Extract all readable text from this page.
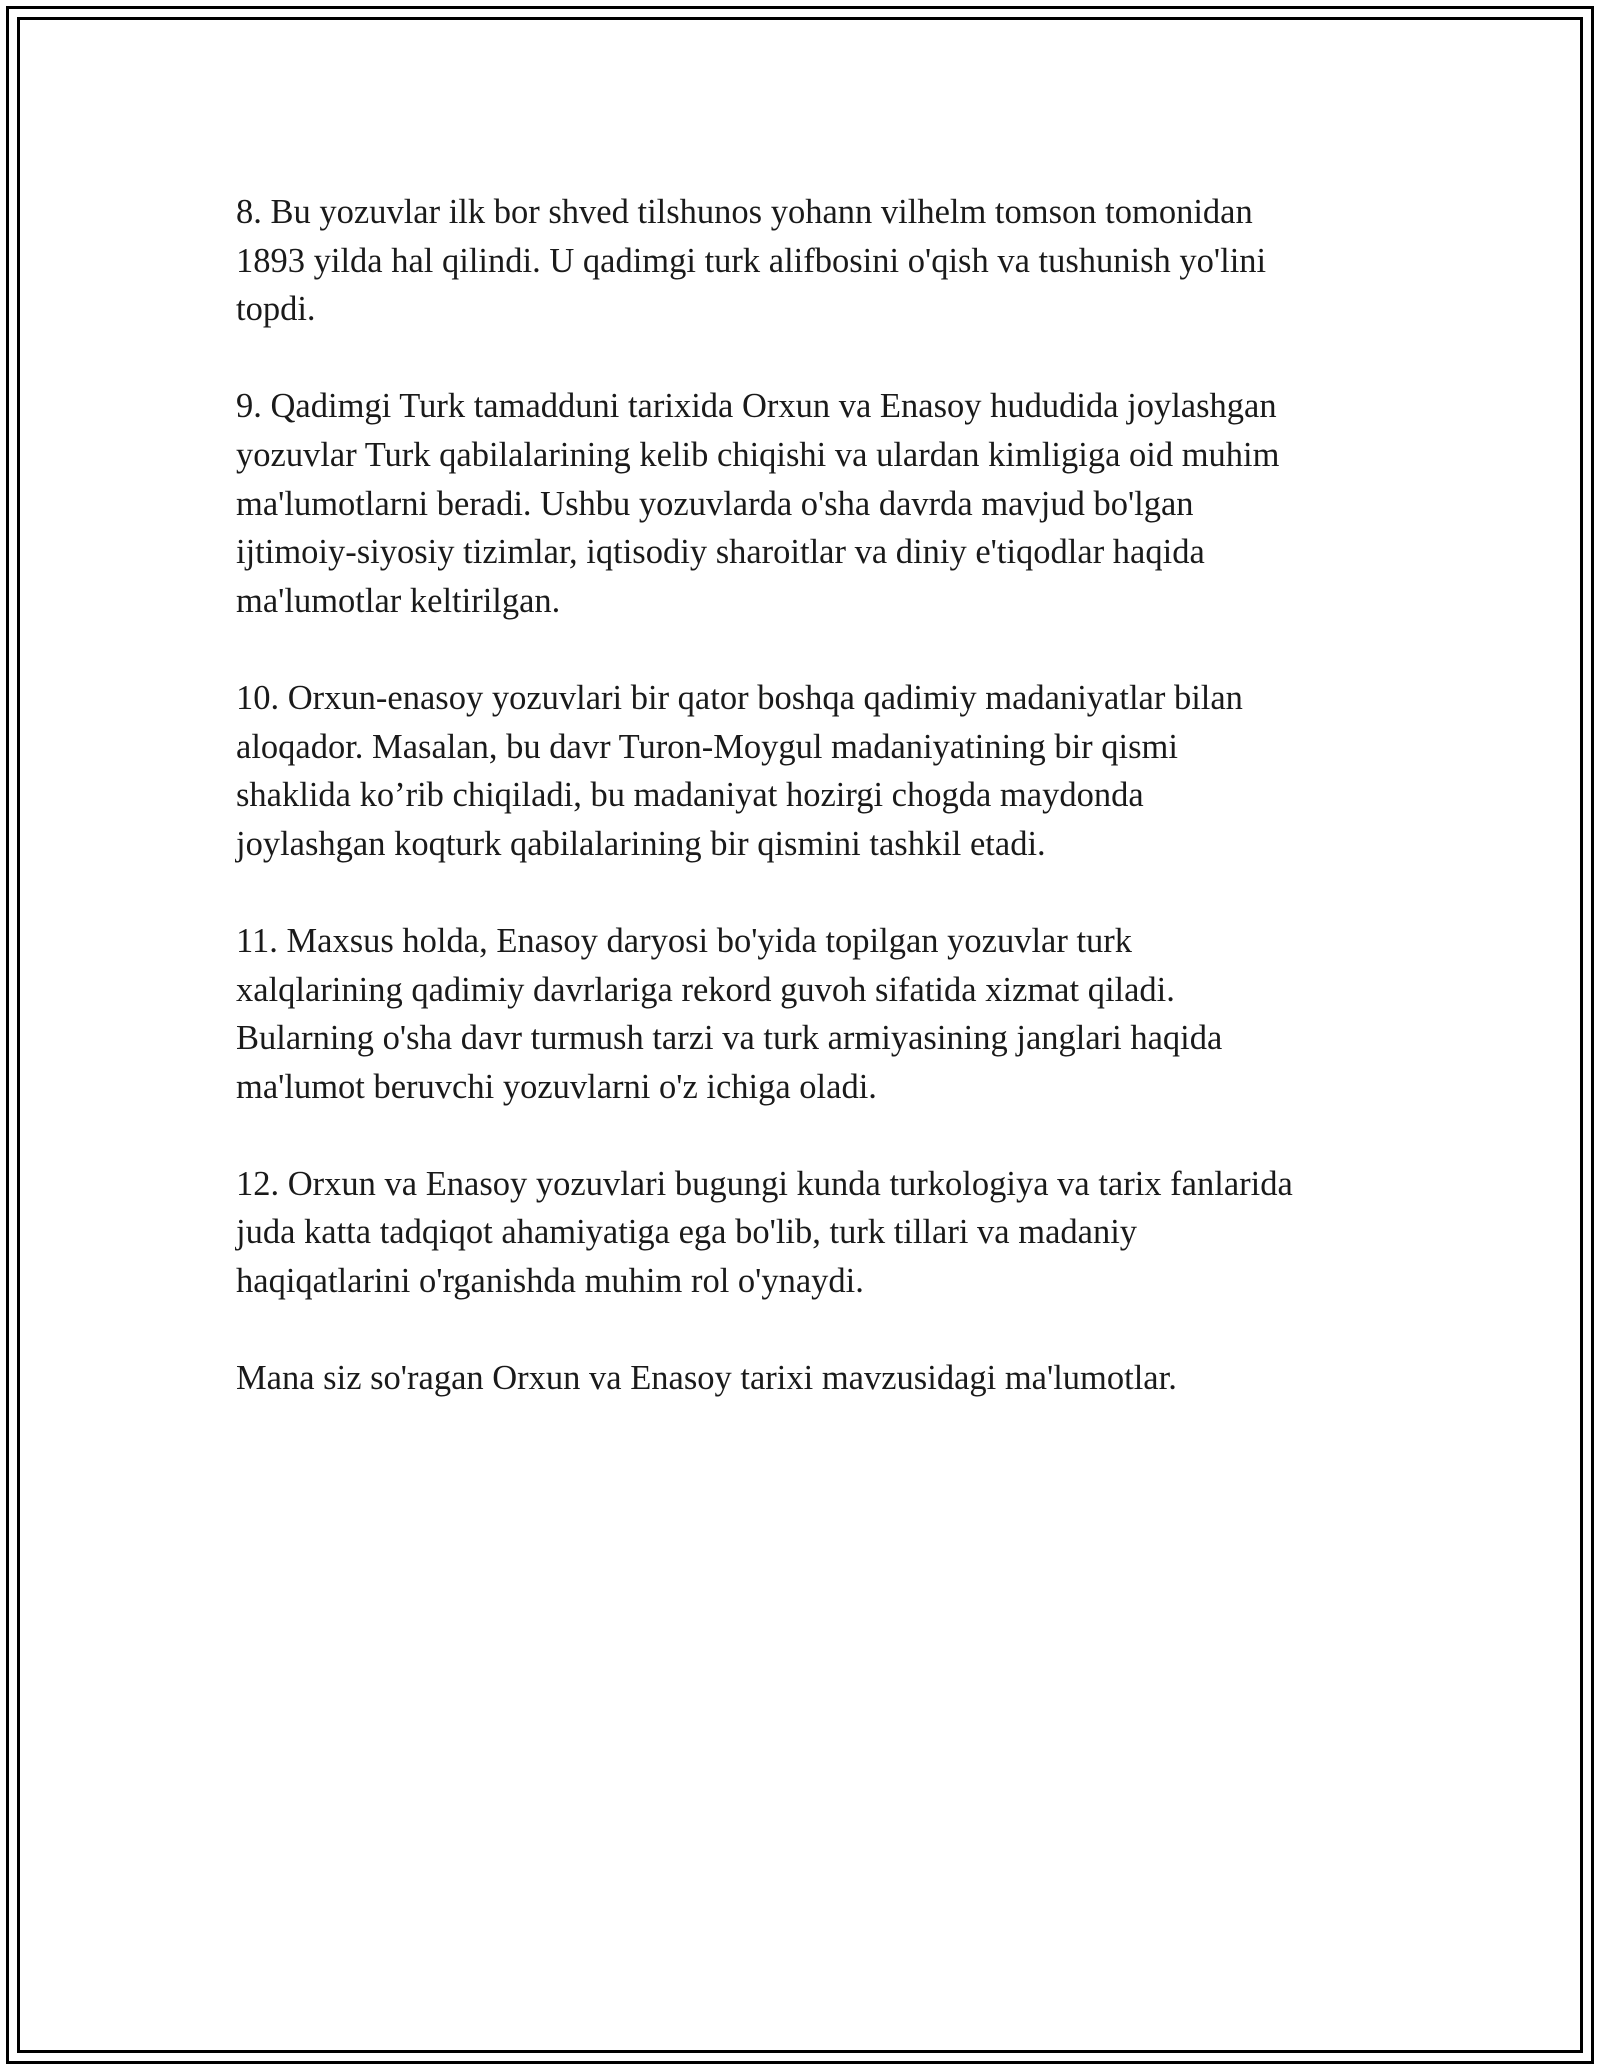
8. Bu yozuvlar ilk bor shved tilshunos yohann vilhelm tomson tomonidan
1893 yilda hal qilindi. U qadimgi turk alifbosini o'qish va tushunish yo'lini
topdi.

9. Qadimgi Turk tamadduni tarixida Orxun va Enasoy hududida joylashgan
yozuvlar Turk qabilalarining kelib chiqishi va ulardan kimligiga oid muhim
ma'lumotlarni beradi. Ushbu yozuvlarda o'sha davrda mavjud bo'lgan
ijtimoiy-siyosiy tizimlar, iqtisodiy sharoitlar va diniy e'tiqodlar haqida
ma'lumotlar keltirilgan.

10. Orxun-enasoy yozuvlari bir qator boshqa qadimiy madaniyatlar bilan
aloqador. Masalan, bu davr Turon-Moygul madaniyatining bir qismi
shaklida ko’rib chiqiladi, bu madaniyat hozirgi chogda maydonda
joylashgan koqturk qabilalarining bir qismini tashkil etadi.

11. Maxsus holda, Enasoy daryosi bo'yida topilgan yozuvlar turk
xalqlarining qadimiy davrlariga rekord guvoh sifatida xizmat qiladi.
Bularning o'sha davr turmush tarzi va turk armiyasining janglari haqida
ma'lumot beruvchi yozuvlarni o'z ichiga oladi.

12. Orxun va Enasoy yozuvlari bugungi kunda turkologiya va tarix fanlarida
juda katta tadqiqot ahamiyatiga ega bo'lib, turk tillari va madaniy
haqiqatlarini o'rganishda muhim rol o'ynaydi.

Mana siz so'ragan Orxun va Enasoy tarixi mavzusidagi ma'lumotlar.
